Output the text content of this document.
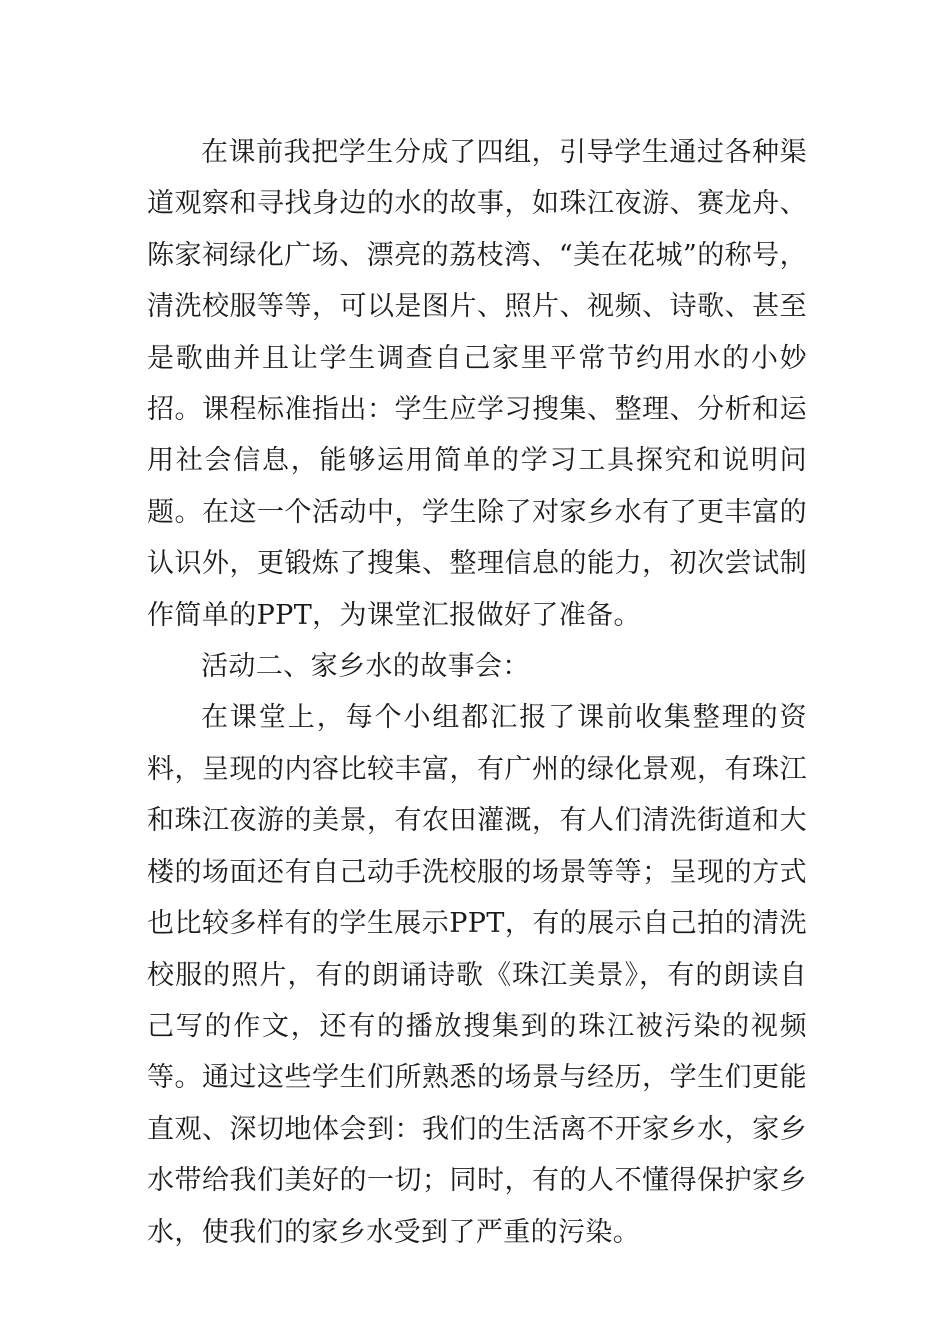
在课前我把学生分成了四组，引导学生通过各种渠道观察和寻找身边的水的故事，如珠江夜游、赛龙舟、陈家祠绿化广场、漂亮的荔枝湾、“美在花城”的称号，清洗校服等等，可以是图片、照片、视频、诗歌、甚至是歌曲并且让学生调查自己家里平常节约用水的小妙招。课程标准指出：学生应学习搜集、整理、分析和运用社会信息，能够运用简单的学习工具探究和说明问题。在这一个活动中，学生除了对家乡水有了更丰富的认识外，更锻炼了搜集、整理信息的能力，初次尝试制作简单的PPT，为课堂汇报做好了准备。

活动二、家乡水的故事会：

在课堂上，每个小组都汇报了课前收集整理的资料，呈现的内容比较丰富，有广州的绿化景观，有珠江和珠江夜游的美景，有农田灌溉，有人们清洗街道和大楼的场面还有自己动手洗校服的场景等等；呈现的方式也比较多样有的学生展示PPT，有的展示自己拍的清洗校服的照片，有的朗诵诗歌《珠江美景》，有的朗读自己写的作文，还有的播放搜集到的珠江被污染的视频等。通过这些学生们所熟悉的场景与经历，学生们更能直观、深切地体会到：我们的生活离不开家乡水，家乡水带给我们美好的一切；同时，有的人不懂得保护家乡水，使我们的家乡水受到了严重的污染。
